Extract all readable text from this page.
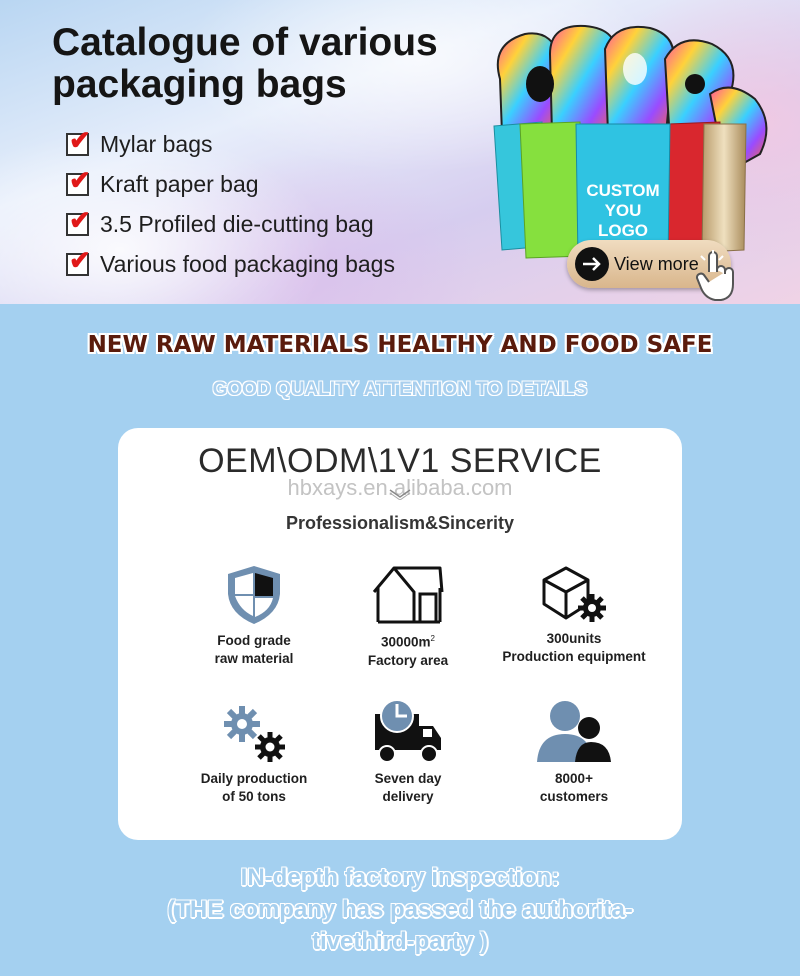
Catalogue of various packaging bags
✔ Mylar bags
✔ Kraft paper bag
✔ 3.5 Profiled die-cutting bag
✔ Various food packaging bags
CUSTOM
YOU
LOGO
View more
NEW RAW MATERIALS HEALTHY AND FOOD SAFE
GOOD QUALITY ATTENTION TO DETAILS
OEM\ODM\1V1 SERVICE
hbxays.en.alibaba.com
Professionalism&Sincerity
Food grade
raw material
$30000m^2$
Factory area
300units
Production equipment
Daily production
of 50 tons
Seven day
delivery
8000+
customers
IN-depth factory inspection:
(THE company has passed the authorita-
tivethird-party )
